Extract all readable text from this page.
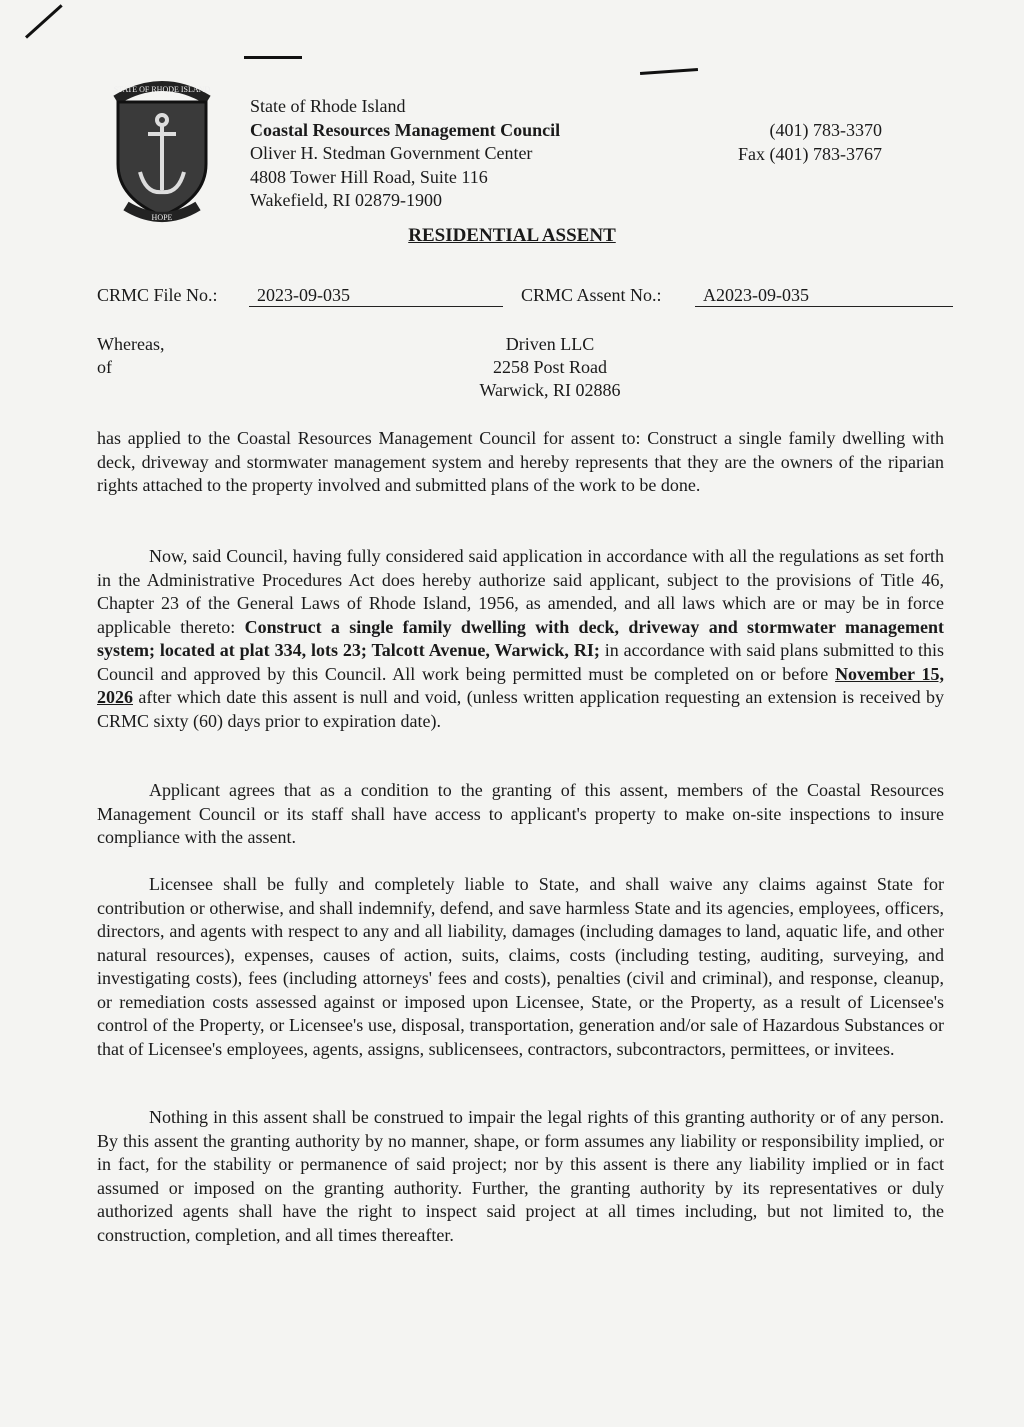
STATE OF RHODE ISLAND
HOPE
State of Rhode Island
Coastal Resources Management Council
Oliver H. Stedman Government Center
4808 Tower Hill Road, Suite 116
Wakefield, RI 02879-1900
(401) 783-3370
Fax (401) 783-3767
RESIDENTIAL ASSENT
CRMC File No.: 2023-09-035	CRMC Assent No.: A2023-09-035
Whereas,
of
Driven LLC
2258 Post Road
Warwick, RI 02886

has applied to the Coastal Resources Management Council for assent to: Construct a single family dwelling with deck, driveway and stormwater management system and hereby represents that they are the owners of the riparian rights attached to the property involved and submitted plans of the work to be done.

Now, said Council, having fully considered said application in accordance with all the regulations as set forth in the Administrative Procedures Act does hereby authorize said applicant, subject to the provisions of Title 46, Chapter 23 of the General Laws of Rhode Island, 1956, as amended, and all laws which are or may be in force applicable thereto: Construct a single family dwelling with deck, driveway and stormwater management system; located at plat 334, lots 23; Talcott Avenue, Warwick, RI; in accordance with said plans submitted to this Council and approved by this Council. All work being permitted must be completed on or before November 15, 2026 after which date this assent is null and void, (unless written application requesting an extension is received by CRMC sixty (60) days prior to expiration date).

Applicant agrees that as a condition to the granting of this assent, members of the Coastal Resources Management Council or its staff shall have access to applicant's property to make on-site inspections to insure compliance with the assent.

Licensee shall be fully and completely liable to State, and shall waive any claims against State for contribution or otherwise, and shall indemnify, defend, and save harmless State and its agencies, employees, officers, directors, and agents with respect to any and all liability, damages (including damages to land, aquatic life, and other natural resources), expenses, causes of action, suits, claims, costs (including testing, auditing, surveying, and investigating costs), fees (including attorneys' fees and costs), penalties (civil and criminal), and response, cleanup, or remediation costs assessed against or imposed upon Licensee, State, or the Property, as a result of Licensee's control of the Property, or Licensee's use, disposal, transportation, generation and/or sale of Hazardous Substances or that of Licensee's employees, agents, assigns, sublicensees, contractors, subcontractors, permittees, or invitees.

Nothing in this assent shall be construed to impair the legal rights of this granting authority or of any person. By this assent the granting authority by no manner, shape, or form assumes any liability or responsibility implied, or in fact, for the stability or permanence of said project; nor by this assent is there any liability implied or in fact assumed or imposed on the granting authority. Further, the granting authority by its representatives or duly authorized agents shall have the right to inspect said project at all times including, but not limited to, the construction, completion, and all times thereafter.
